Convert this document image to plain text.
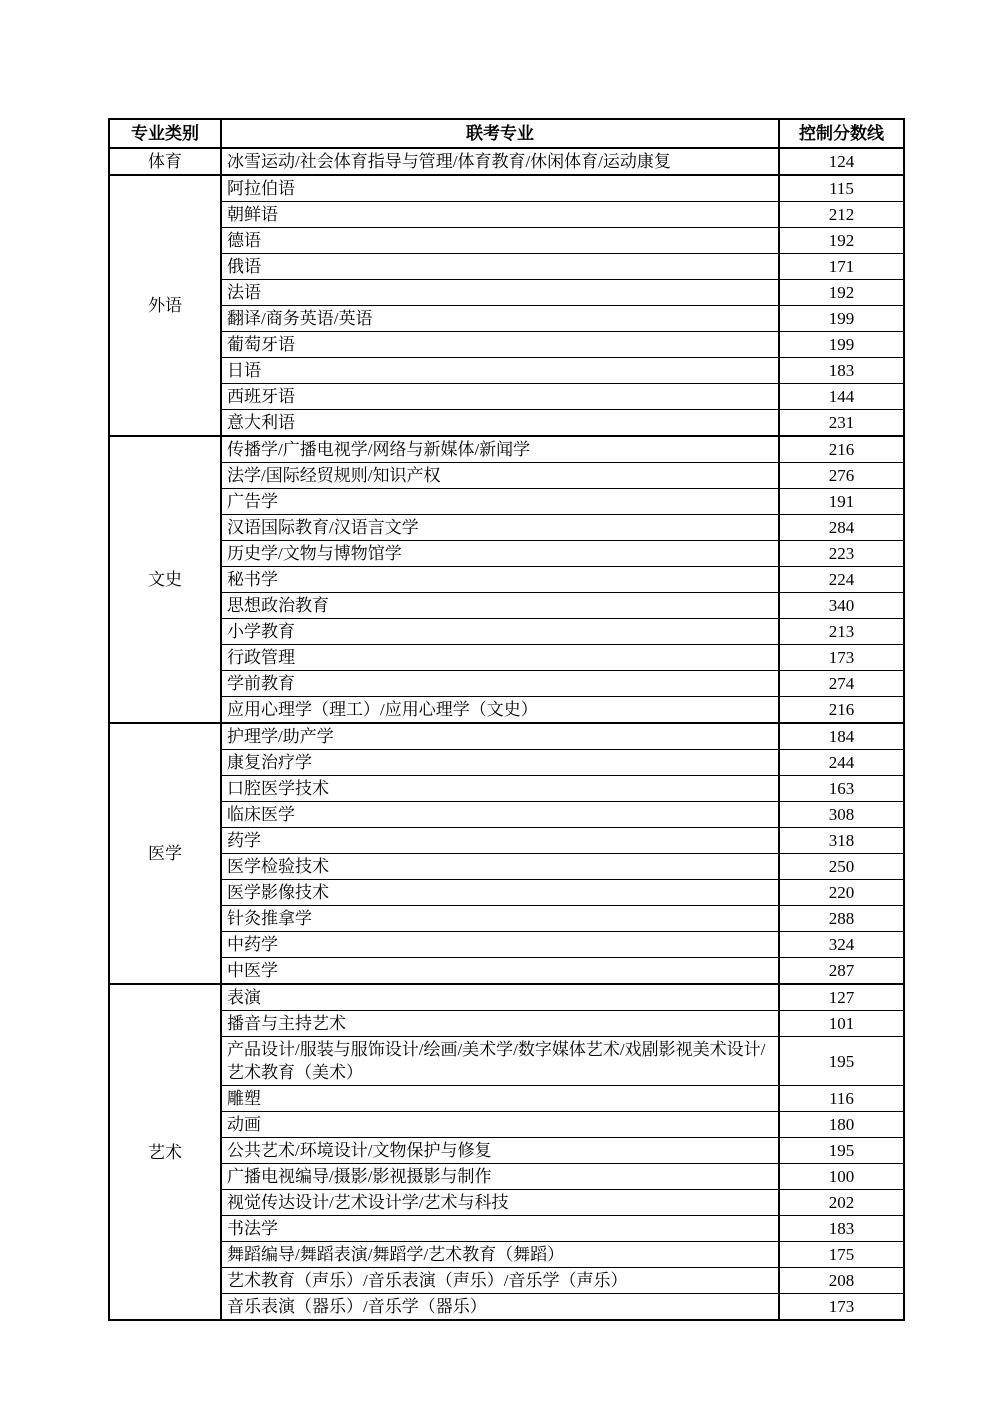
专业类别	联考专业	控制分数线
体育	冰雪运动/社会体育指导与管理/体育教育/休闲体育/运动康复	124
外语	阿拉伯语	115
	朝鲜语	212
	德语	192
	俄语	171
	法语	192
	翻译/商务英语/英语	199
	葡萄牙语	199
	日语	183
	西班牙语	144
	意大利语	231
文史	传播学/广播电视学/网络与新媒体/新闻学	216
	法学/国际经贸规则/知识产权	276
	广告学	191
	汉语国际教育/汉语言文学	284
	历史学/文物与博物馆学	223
	秘书学	224
	思想政治教育	340
	小学教育	213
	行政管理	173
	学前教育	274
	应用心理学（理工）/应用心理学（文史）	216
医学	护理学/助产学	184
	康复治疗学	244
	口腔医学技术	163
	临床医学	308
	药学	318
	医学检验技术	250
	医学影像技术	220
	针灸推拿学	288
	中药学	324
	中医学	287
艺术	表演	127
	播音与主持艺术	101
	产品设计/服装与服饰设计/绘画/美术学/数字媒体艺术/戏剧影视美术设计/艺术教育（美术）	195
	雕塑	116
	动画	180
	公共艺术/环境设计/文物保护与修复	195
	广播电视编导/摄影/影视摄影与制作	100
	视觉传达设计/艺术设计学/艺术与科技	202
	书法学	183
	舞蹈编导/舞蹈表演/舞蹈学/艺术教育（舞蹈）	175
	艺术教育（声乐）/音乐表演（声乐）/音乐学（声乐）	208
	音乐表演（器乐）/音乐学（器乐）	173
